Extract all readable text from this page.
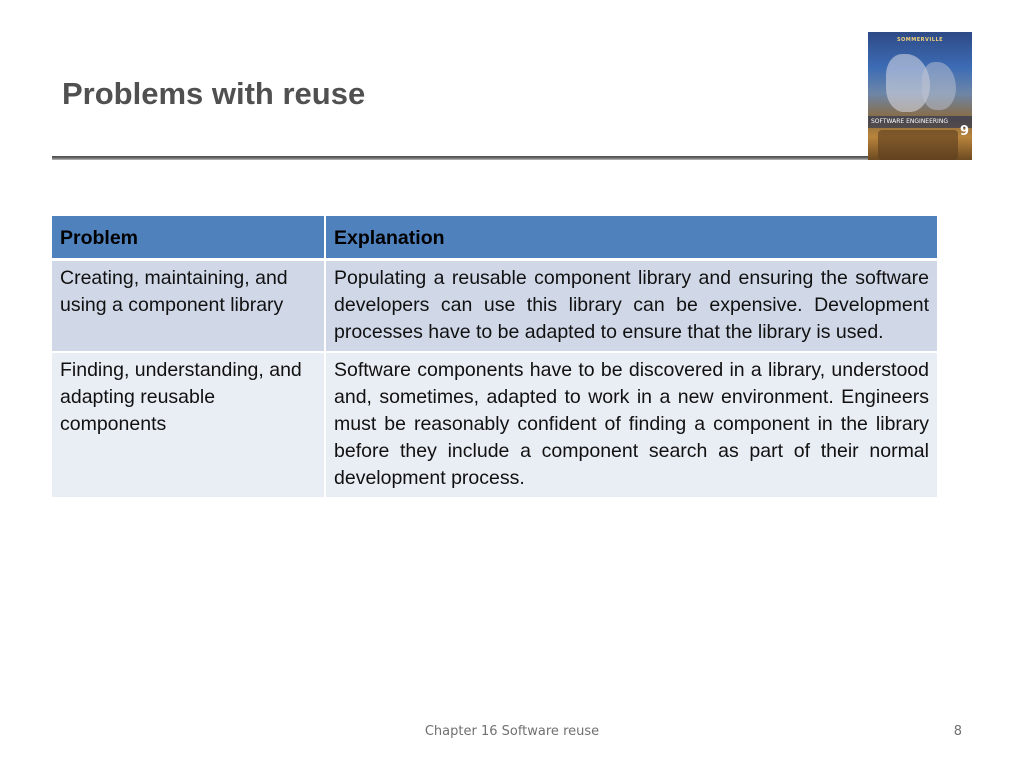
Problems with reuse
SOMMERVILLE
SOFTWARE ENGINEERING
9
Problem	Explanation
Creating, maintaining, and using a component library	Populating a reusable component library and ensuring the software developers can use this library can be expensive. Development processes have to be adapted to ensure that the library is used.
Finding, understanding, and adapting reusable components	Software components have to be discovered in a library, understood and, sometimes, adapted to work in a new environment. Engineers must be reasonably confident of finding a component in the library before they include a component search as part of their normal development process.
Chapter 16 Software reuse	8
